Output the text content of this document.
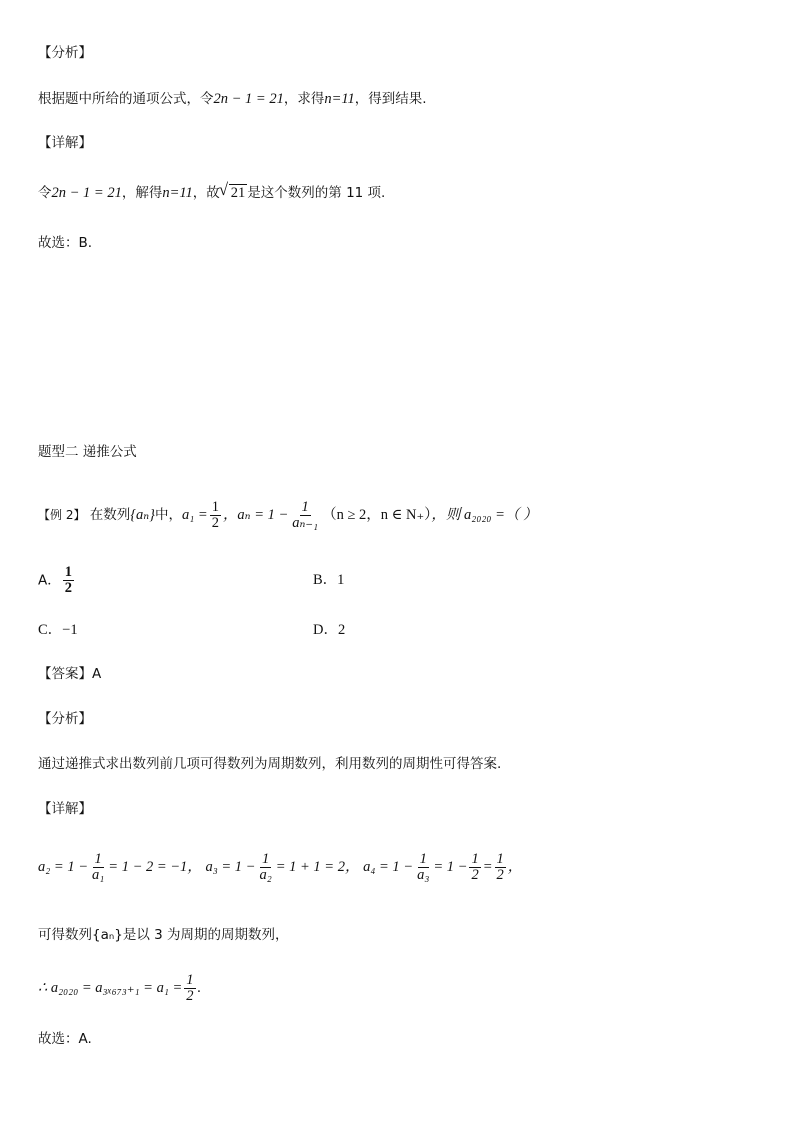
【分析】
根据题中所给的通项公式，令2n − 1 = 21，求得n=11，得到结果.
【详解】
令2n − 1 = 21，解得n=11，故 √ 21 是这个数列的第 11 项.
故选：B.
题型二 递推公式
【例 2】 在数列{aₙ}中，$a_1 = \frac{1}{2}$ ，$a_n = 1 - \frac{1}{\text{aₙ₋₁}} (n \ge 2$，n ∈ N₊），则 a₂₀₂₀ =（ ）
A． $\frac{1}{2}$	B．1
C．−1	D．2
【答案】A
【分析】
通过递推式求出数列前几项可得数列为周期数列，利用数列的周期性可得答案.
【详解】
$a_2 = 1 - \frac{1}{\text{a₁}} = 1 - 2 = -1$， $a_3 = 1 - \frac{1}{\text{a₂}} = 1 + 1 = 2$， $a_4 = 1 - \frac{1}{\text{a₃}} = 1 - \frac{1}{2} = \frac{1}{2}$ ，
可得数列{aₙ}是以 3 为周期的周期数列，
∴ $a_{2020} = a_{3x673+1} = a_1 = \frac{1}{2}$ .
故选：A.
